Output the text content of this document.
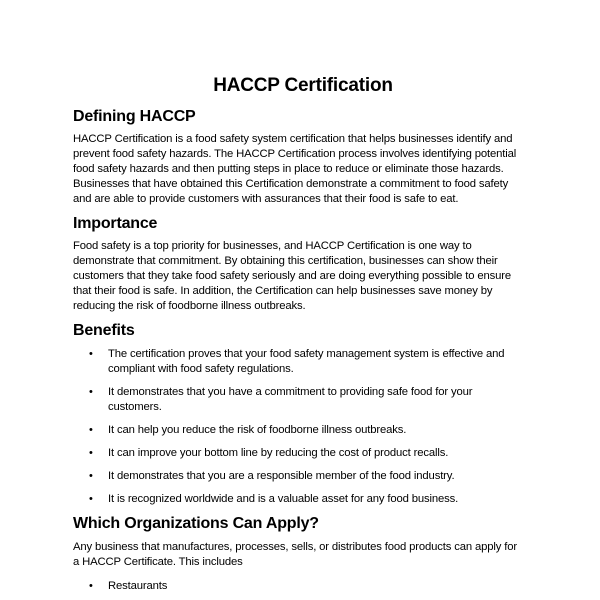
HACCP Certification
Defining HACCP

HACCP Certification is a food safety system certification that helps businesses identify and
prevent food safety hazards. The HACCP Certification process involves identifying potential
food safety hazards and then putting steps in place to reduce or eliminate those hazards.
Businesses that have obtained this Certification demonstrate a commitment to food safety
and are able to provide customers with assurances that their food is safe to eat.

Importance

Food safety is a top priority for businesses, and HACCP Certification is one way to
demonstrate that commitment. By obtaining this certification, businesses can show their
customers that they take food safety seriously and are doing everything possible to ensure
that their food is safe. In addition, the Certification can help businesses save money by
reducing the risk of foodborne illness outbreaks.

Benefits
• The certification proves that your food safety management system is effective and
compliant with food safety regulations.
• It demonstrates that you have a commitment to providing safe food for your
customers.
• It can help you reduce the risk of foodborne illness outbreaks.
• It can improve your bottom line by reducing the cost of product recalls.
• It demonstrates that you are a responsible member of the food industry.
• It is recognized worldwide and is a valuable asset for any food business.
Which Organizations Can Apply?

Any business that manufactures, processes, sells, or distributes food products can apply for
a HACCP Certificate. This includes

• Restaurants
